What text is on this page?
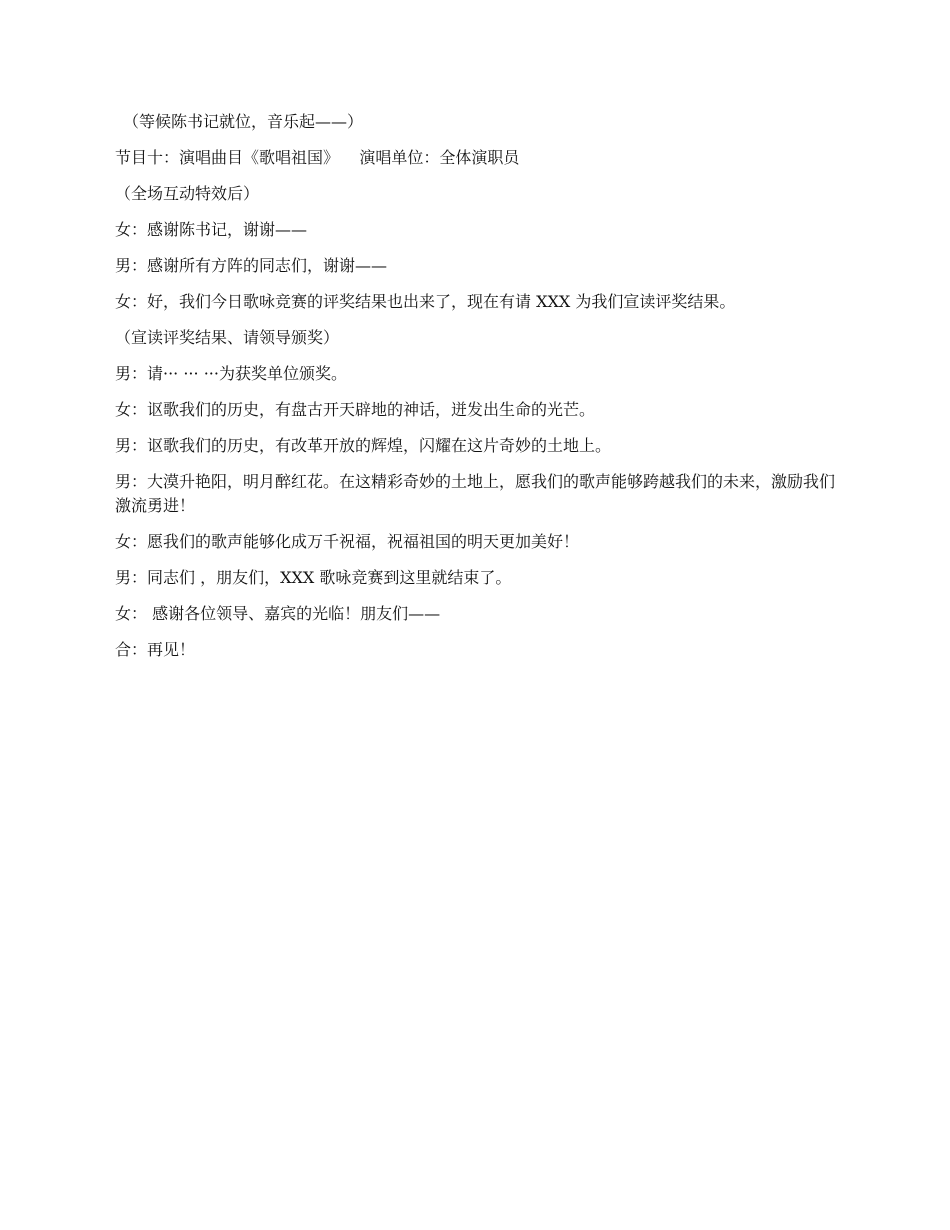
（等候陈书记就位，音乐起——）

节目十：演唱曲目《歌唱祖国》    演唱单位：全体演职员

（全场互动特效后）

女：感谢陈书记，谢谢——

男：感谢所有方阵的同志们，谢谢——

女：好，我们今日歌咏竞赛的评奖结果也出来了，现在有请 XXX 为我们宣读评奖结果。

（宣读评奖结果、请领导颁奖）

男：请··· ··· ···为获奖单位颁奖。

女：讴歌我们的历史，有盘古开天辟地的神话，迸发出生命的光芒。

男：讴歌我们的历史，有改革开放的辉煌，闪耀在这片奇妙的土地上。

男：大漠升艳阳，明月醉红花。在这精彩奇妙的土地上，愿我们的歌声能够跨越我们的未来，激励我们激流勇进！

女：愿我们的歌声能够化成万千祝福，祝福祖国的明天更加美好！

男：同志们 ，朋友们，XXX 歌咏竞赛到这里就结束了。

女： 感谢各位领导、嘉宾的光临！朋友们——

合：再见！
